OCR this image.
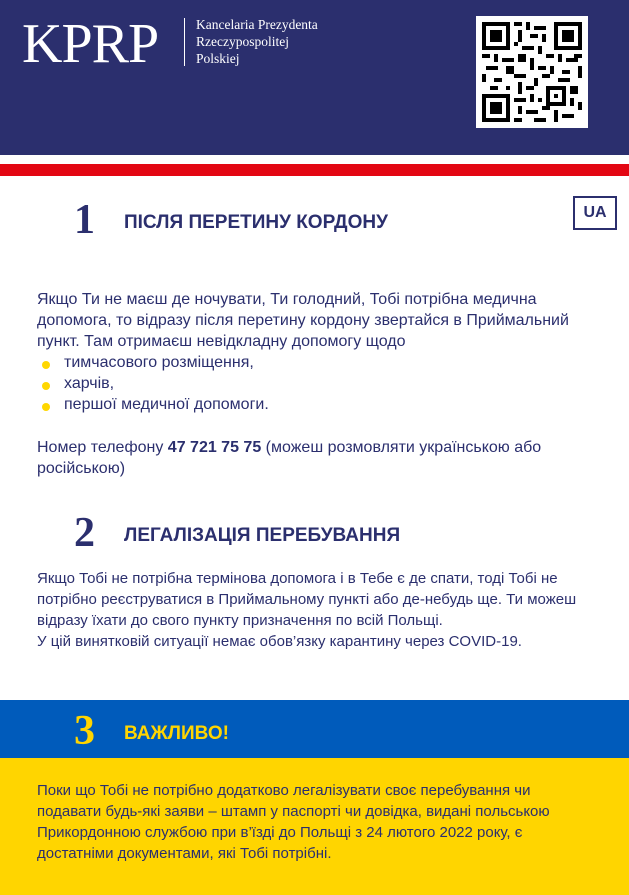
KPRP	Kancelaria Prezydenta
Rzeczypospolitej
Polskiej
UA
1 ПІСЛЯ ПЕРЕТИНУ КОРДОНУ
Якщо Ти не маєш де ночувати, Ти голодний, Тобі потрібна медична допомога, то відразу після перетину кордону звертайся в Приймальний пункт. Там отримаєш невідкладну допомогу щодо
тимчасового розміщення,
харчів,
першої медичної допомоги.
Номер телефону 47 721 75 75 (можеш розмовляти українською або російською)
2 ЛЕГАЛІЗАЦІЯ ПЕРЕБУВАННЯ
Якщо Тобі не потрібна термінова допомога і в Тебе є де спати, тоді Тобі не потрібно реєструватися в Приймальному пункті або де-небудь ще. Ти можеш відразу їхати до свого пункту призначення по всій Польщі.
У цій винятковій ситуації немає обов’язку карантину через COVID-19.
3 ВАЖЛИВО!
Поки що Тобі не потрібно додатково легалізувати своє перебування чи подавати будь-які заяви – штамп у паспорті чи довідка, видані польською Прикордонною службою при в’їзді до Польщі з 24 лютого 2022 року, є достатніми документами, які Тобі потрібні.
